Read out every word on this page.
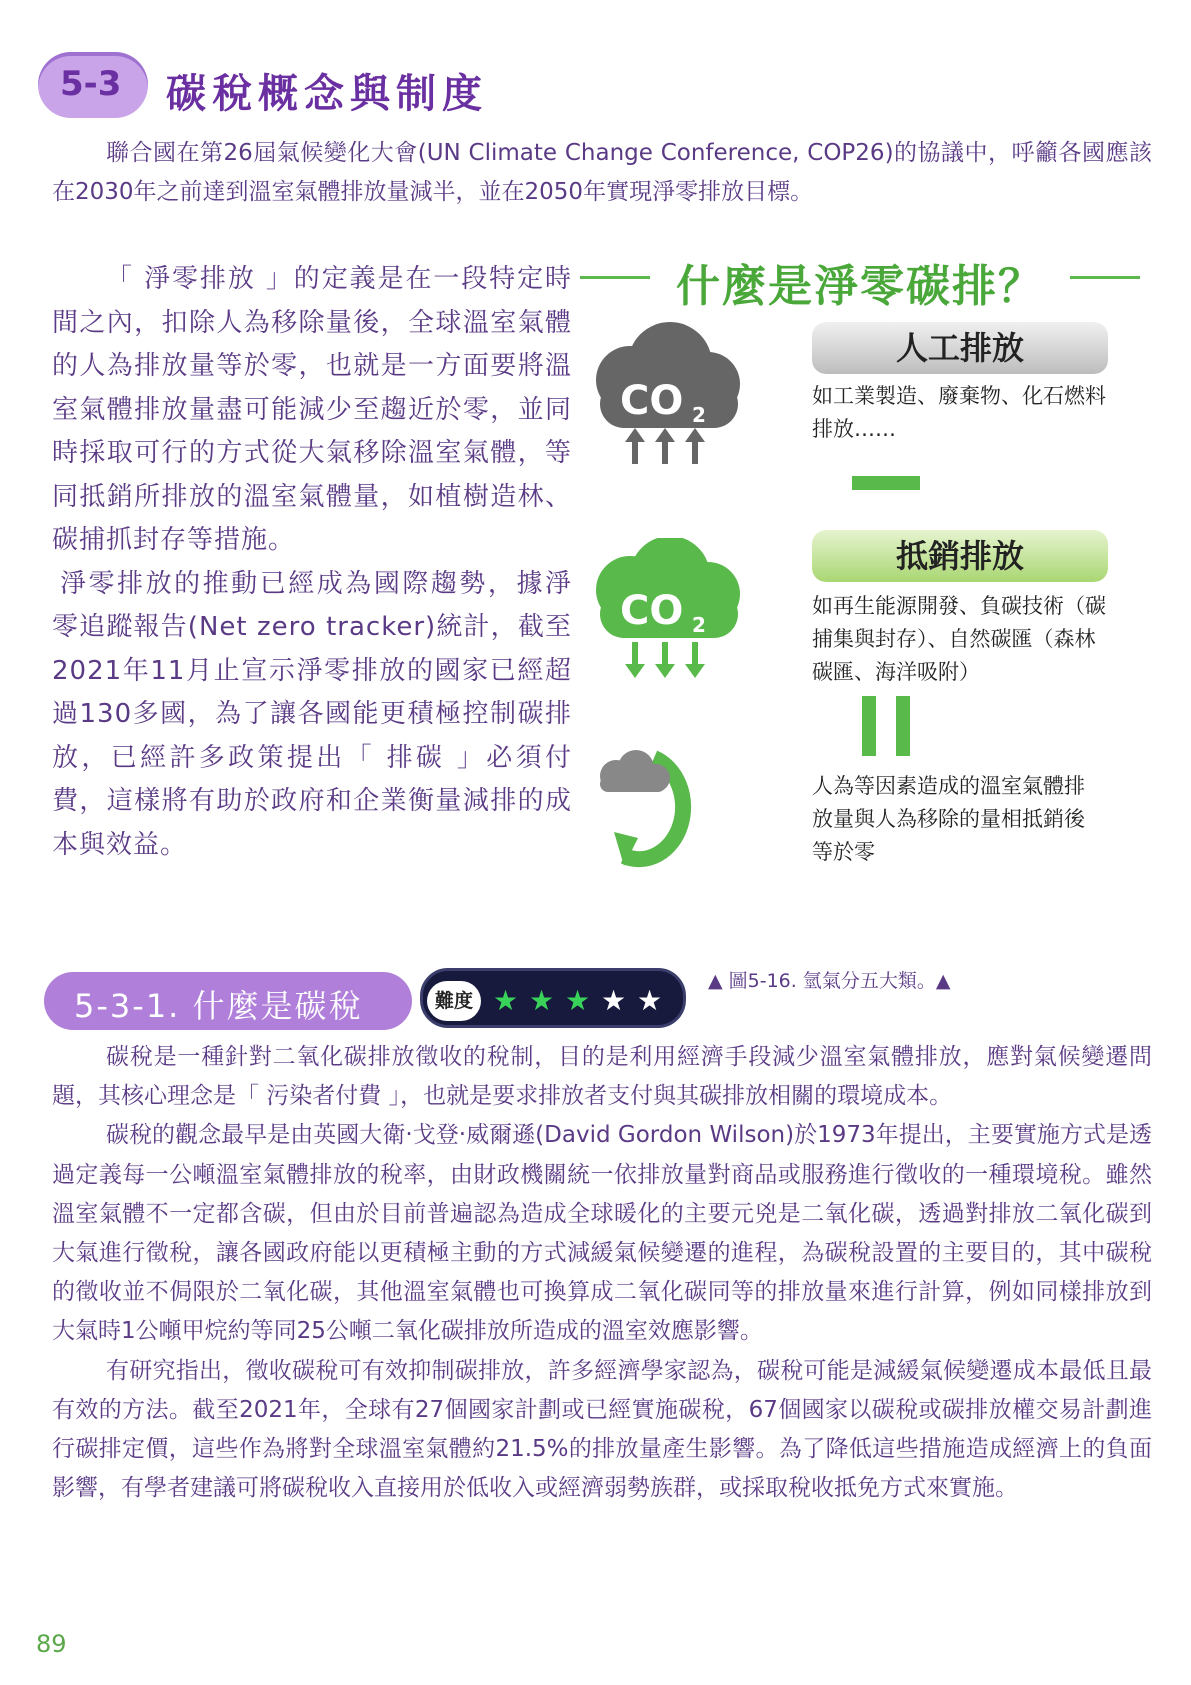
5-3 碳稅概念與制度

聯合國在第26屆氣候變化大會(UN Climate Change Conference, COP26)的協議中，呼籲各國應該在2030年之前達到溫室氣體排放量減半，並在2050年實現淨零排放目標。

「 淨零排放 」的定義是在一段特定時間之內，扣除人為移除量後，全球溫室氣體的人為排放量等於零，也就是一方面要將溫室氣體排放量盡可能減少至趨近於零，並同時採取可行的方式從大氣移除溫室氣體，等同抵銷所排放的溫室氣體量，如植樹造林、碳捕抓封存等措施。

淨零排放的推動已經成為國際趨勢，據淨零追蹤報告(Net zero tracker)統計，截至2021年11月止宣示淨零排放的國家已經超過130多國，為了讓各國能更積極控制碳排放，已經許多政策提出「 排碳 」必須付費，這樣將有助於政府和企業衡量減排的成本與效益。

什麼是淨零碳排？
CO 2
人工排放
如工業製造、廢棄物、化石燃料排放……
CO 2
抵銷排放
如再生能源開發、負碳技術（碳捕集與封存）、自然碳匯（森林碳匯、海洋吸附）
人為等因素造成的溫室氣體排放量與人為移除的量相抵銷後等於零
▲ 圖5-16. 氫氣分五大類。▲
5-3-1. 什麼是碳稅	難度 ★ ★ ★ ★ ★

碳稅是一種針對二氧化碳排放徵收的稅制，目的是利用經濟手段減少溫室氣體排放，應對氣候變遷問題，其核心理念是「 污染者付費 」，也就是要求排放者支付與其碳排放相關的環境成本。

碳稅的觀念最早是由英國大衛‧戈登‧威爾遜(David Gordon Wilson)於1973年提出，主要實施方式是透過定義每一公噸溫室氣體排放的稅率，由財政機關統一依排放量對商品或服務進行徵收的一種環境稅。雖然溫室氣體不一定都含碳，但由於目前普遍認為造成全球暖化的主要元兇是二氧化碳，透過對排放二氧化碳到大氣進行徵稅，讓各國政府能以更積極主動的方式減緩氣候變遷的進程，為碳稅設置的主要目的，其中碳稅的徵收並不侷限於二氧化碳，其他溫室氣體也可換算成二氧化碳同等的排放量來進行計算，例如同樣排放到大氣時1公噸甲烷約等同25公噸二氧化碳排放所造成的溫室效應影響。

有研究指出，徵收碳稅可有效抑制碳排放，許多經濟學家認為，碳稅可能是減緩氣候變遷成本最低且最有效的方法。截至2021年，全球有27個國家計劃或已經實施碳稅，67個國家以碳稅或碳排放權交易計劃進行碳排定價，這些作為將對全球溫室氣體約21.5%的排放量產生影響。為了降低這些措施造成經濟上的負面影響，有學者建議可將碳稅收入直接用於低收入或經濟弱勢族群，或採取稅收抵免方式來實施。

89
